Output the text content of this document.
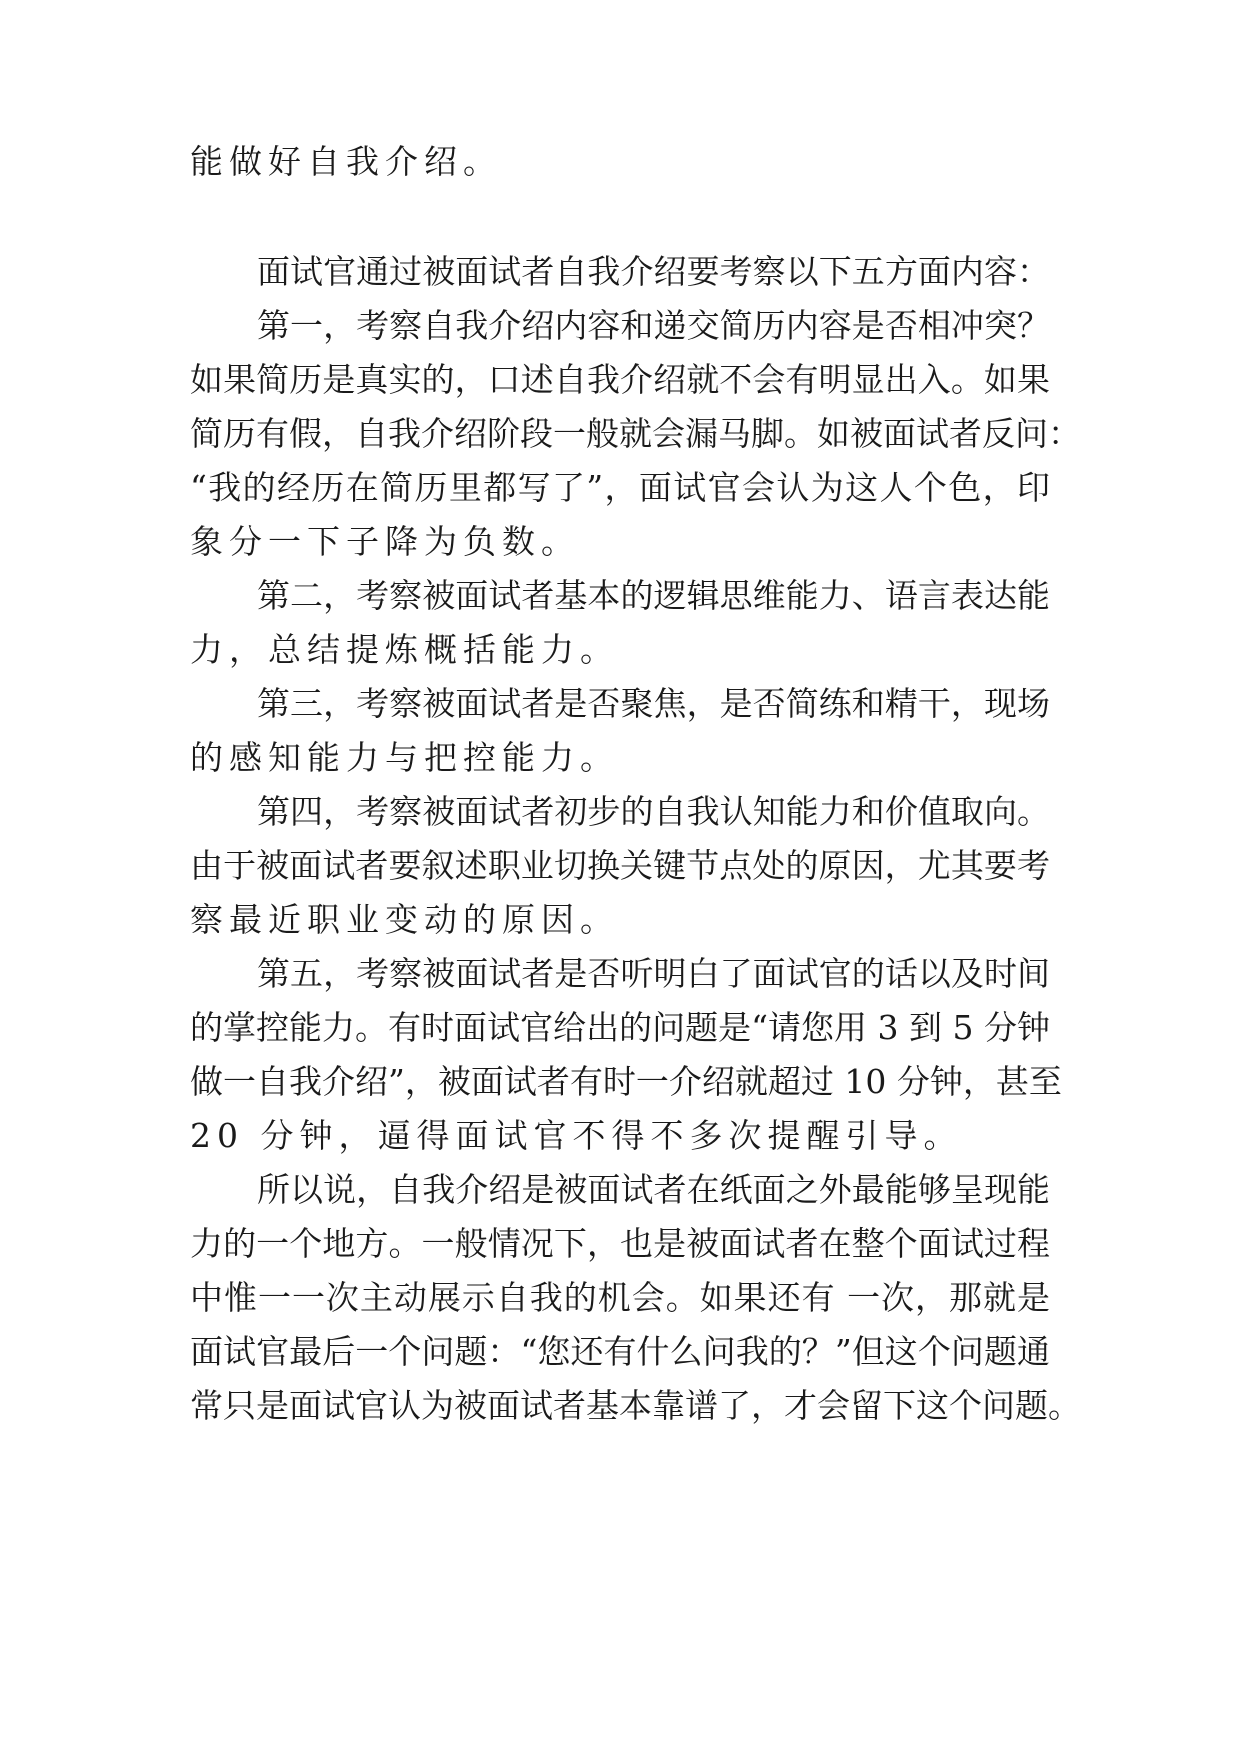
能做好自我介绍。
面试官通过被面试者自我介绍要考察以下五方面内容：
第一，考察自我介绍内容和递交简历内容是否相冲突？
如果简历是真实的，口述自我介绍就不会有明显出入。如果
简历有假，自我介绍阶段一般就会漏马脚。如被面试者反问：
“我的经历在简历里都写了”，面试官会认为这人个色，印
象分一下子降为负数。
第二，考察被面试者基本的逻辑思维能力、语言表达能
力，总结提炼概括能力。
第三，考察被面试者是否聚焦，是否简练和精干，现场
的感知能力与把控能力。
第四，考察被面试者初步的自我认知能力和价值取向。
由于被面试者要叙述职业切换关键节点处的原因，尤其要考
察最近职业变动的原因。
第五，考察被面试者是否听明白了面试官的话以及时间
的掌控能力。有时面试官给出的问题是“请您用 3 到 5 分钟
做一自我介绍”，被面试者有时一介绍就超过 10 分钟，甚至
20 分钟，逼得面试官不得不多次提醒引导。
所以说，自我介绍是被面试者在纸面之外最能够呈现能
力的一个地方。一般情况下，也是被面试者在整个面试过程
中惟一一次主动展示自我的机会。如果还有 一次，那就是
面试官最后一个问题：“您还有什么问我的？”但这个问题通
常只是面试官认为被面试者基本靠谱了，才会留下这个问题。
